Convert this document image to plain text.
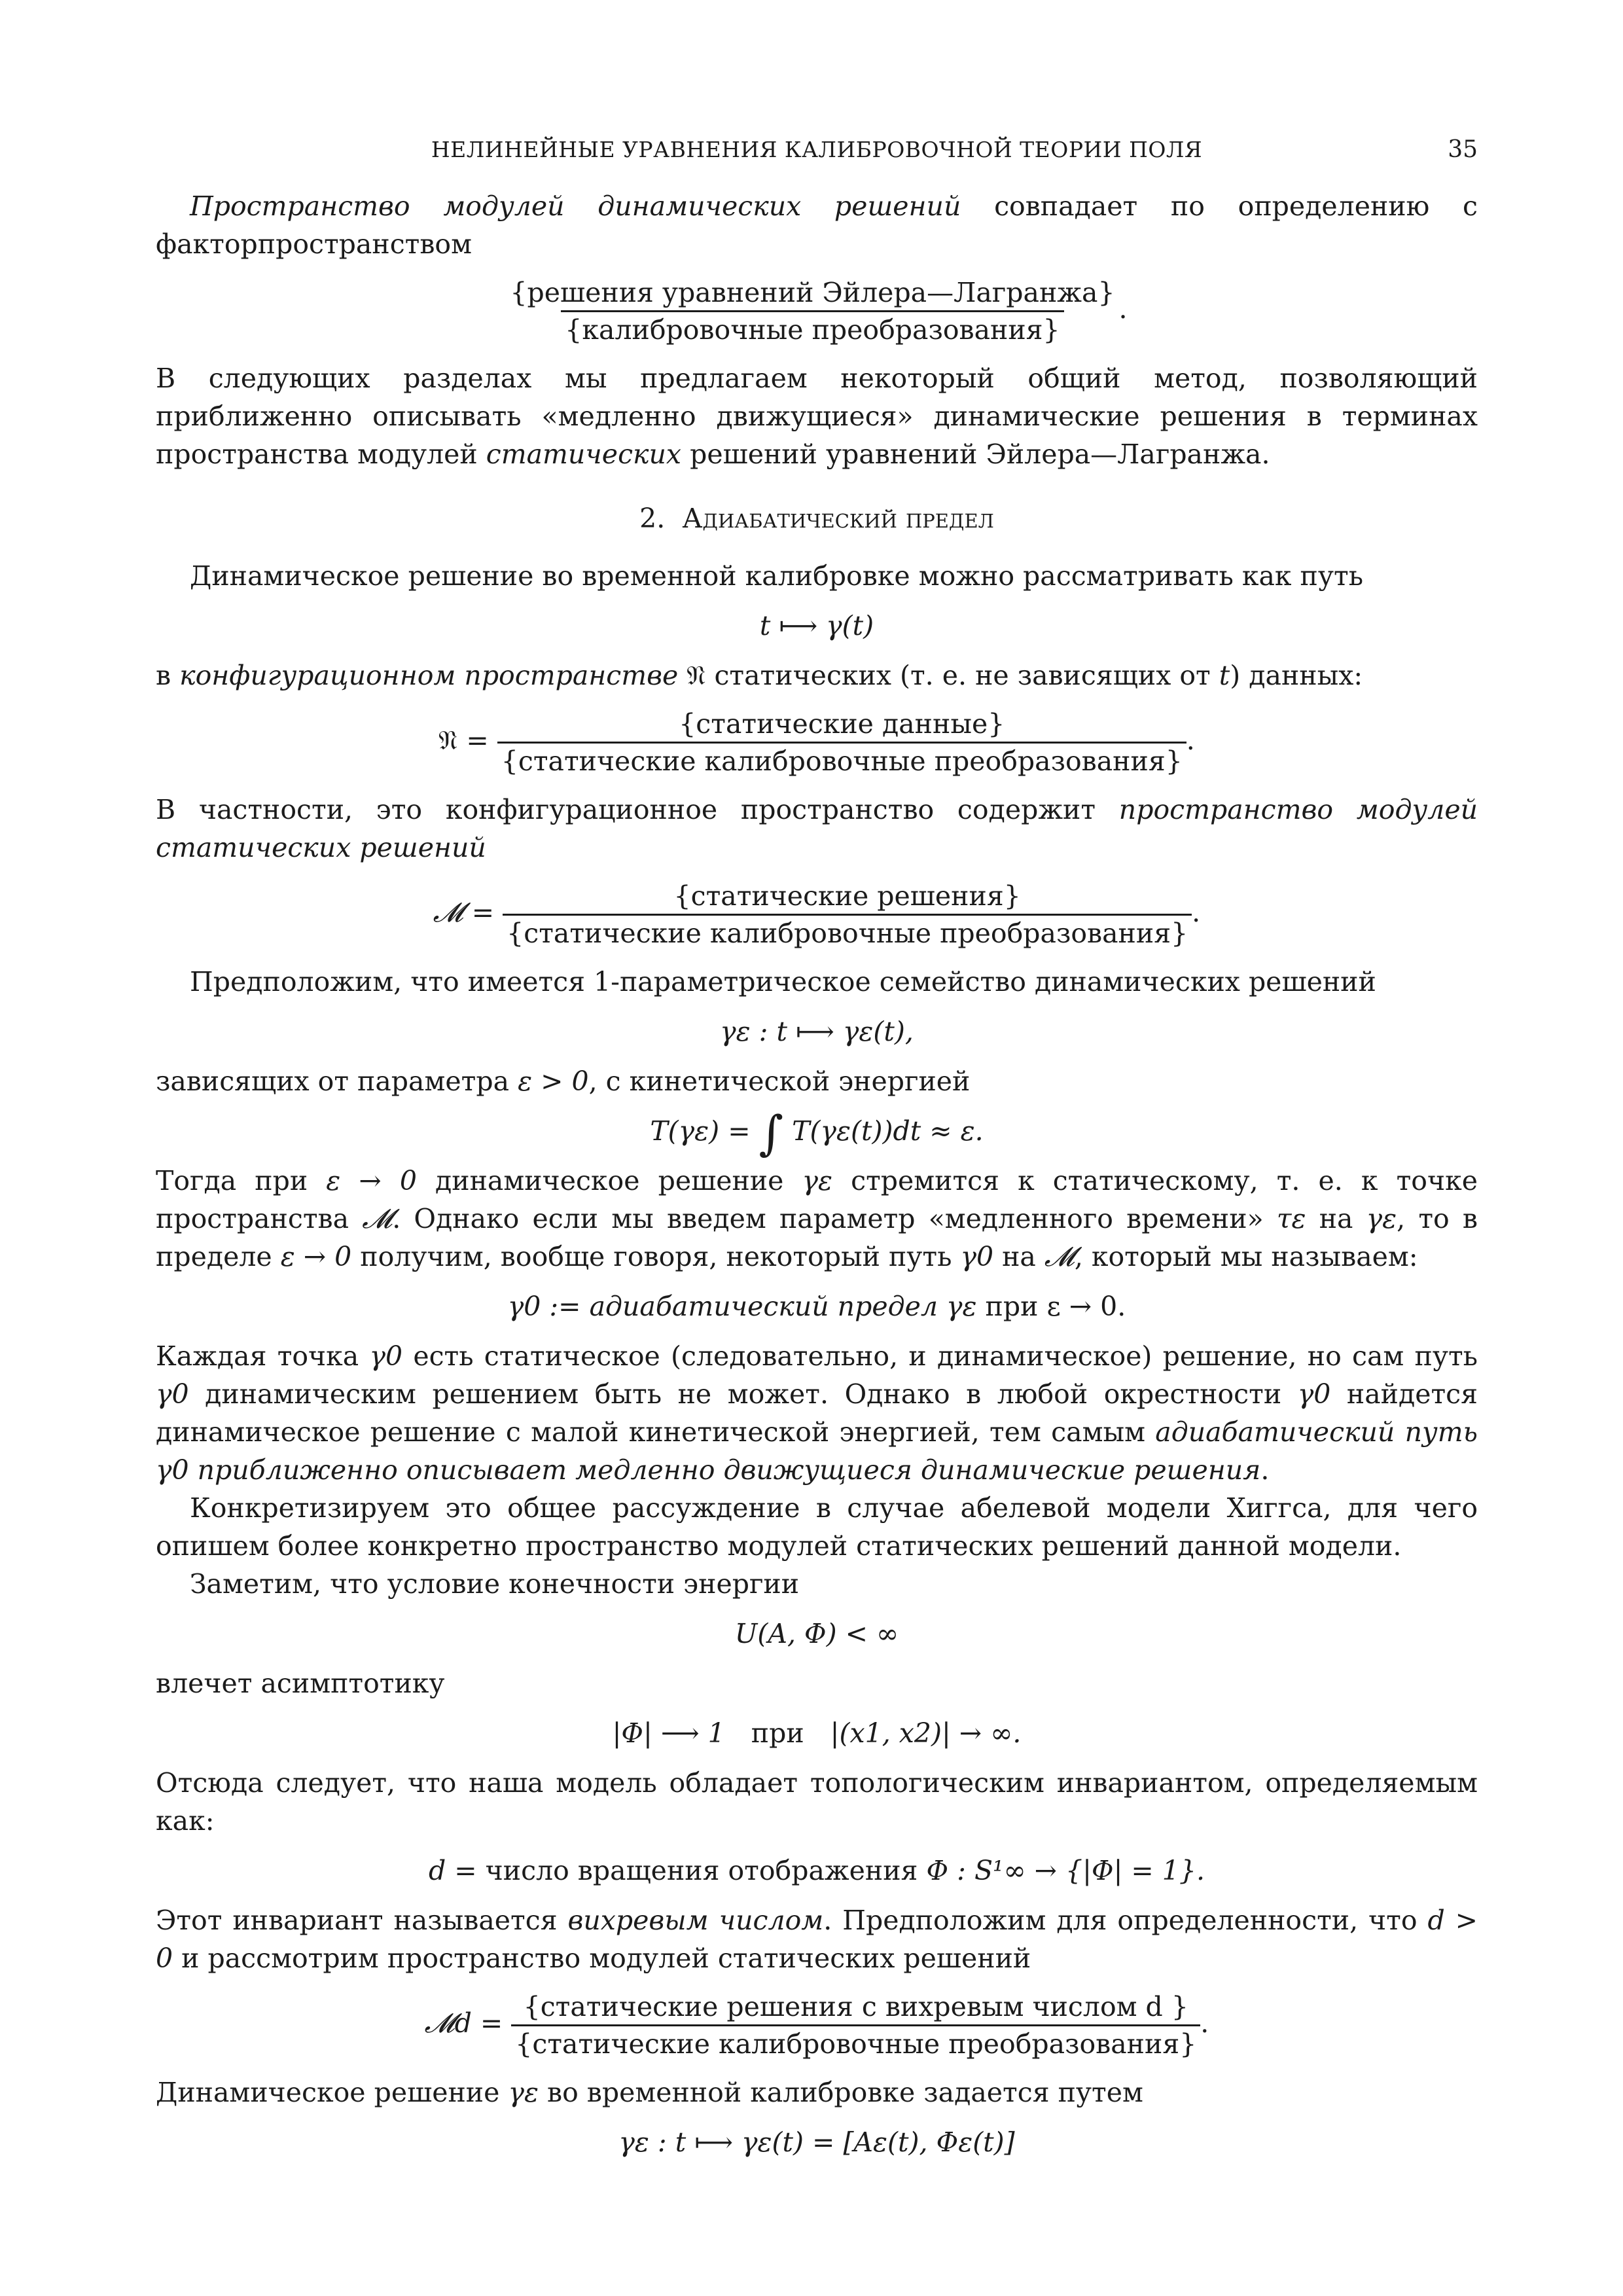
НЕЛИНЕЙНЫЕ УРАВНЕНИЯ КАЛИБРОВОЧНОЙ ТЕОРИИ ПОЛЯ	35

Пространство модулей динамических решений совпадает по определению с факторпространством

$\frac{\text{\{решения уравнений Эйлера—Лагранжа\}}}{\text{\{калибровочные преобразования\}}}$ .

В следующих разделах мы предлагаем некоторый общий метод, позволяющий приближенно описывать «медленно движущиеся» динамические решения в терминах пространства модулей статических решений уравнений Эйлера—Лагранжа.

2. Адиабатический предел

Динамическое решение во временной калибровке можно рассматривать как путь

t ⟼ γ(t)

в конфигурационном пространстве 𝔑 статических (т. е. не зависящих от t) данных:

𝔑 = $\frac{\text{\{статические данные\}}}{\text{\{статические калибровочные преобразования\}}}$ .

В частности, это конфигурационное пространство содержит пространство модулей статических решений

𝓜 = $\frac{\text{\{статические решения\}}}{\text{\{статические калибровочные преобразования\}}}$ .

Предположим, что имеется 1-параметрическое семейство динамических решений

γε : t ⟼ γε(t),

зависящих от параметра ε > 0, с кинетической энергией

T(γε) = ∫ T(γε(t))dt ≈ ε.

Тогда при ε → 0 динамическое решение γε стремится к статическому, т. е. к точке пространства 𝓜. Однако если мы введем параметр «медленного времени» τε на γε, то в пределе ε → 0 получим, вообще говоря, некоторый путь γ0 на 𝓜, который мы называем:

γ0 := адиабатический предел γε при ε → 0.

Каждая точка γ0 есть статическое (следовательно, и динамическое) решение, но сам путь γ0 динамическим решением быть не может. Однако в любой окрестности γ0 найдется динамическое решение с малой кинетической энергией, тем самым адиабатический путь γ0 приближенно описывает медленно движущиеся динамические решения.

Конкретизируем это общее рассуждение в случае абелевой модели Хиггса, для чего опишем более конкретно пространство модулей статических решений данной модели.

Заметим, что условие конечности энергии

U(A, Φ) < ∞

влечет асимптотику

|Φ| ⟶ 1 при |(x1, x2)| → ∞.

Отсюда следует, что наша модель обладает топологическим инвариантом, определяемым как:

d = число вращения отображения Φ : S¹∞ → {|Φ| = 1}.

Этот инвариант называется вихревым числом. Предположим для определенности, что d > 0 и рассмотрим пространство модулей статических решений

𝓜d = $\frac{\text{\{статические решения с вихревым числом d \}}}{\text{\{статические калибровочные преобразования\}}}$ .

Динамическое решение γε во временной калибровке задается путем

γε : t ⟼ γε(t) = [Aε(t), Φε(t)]
